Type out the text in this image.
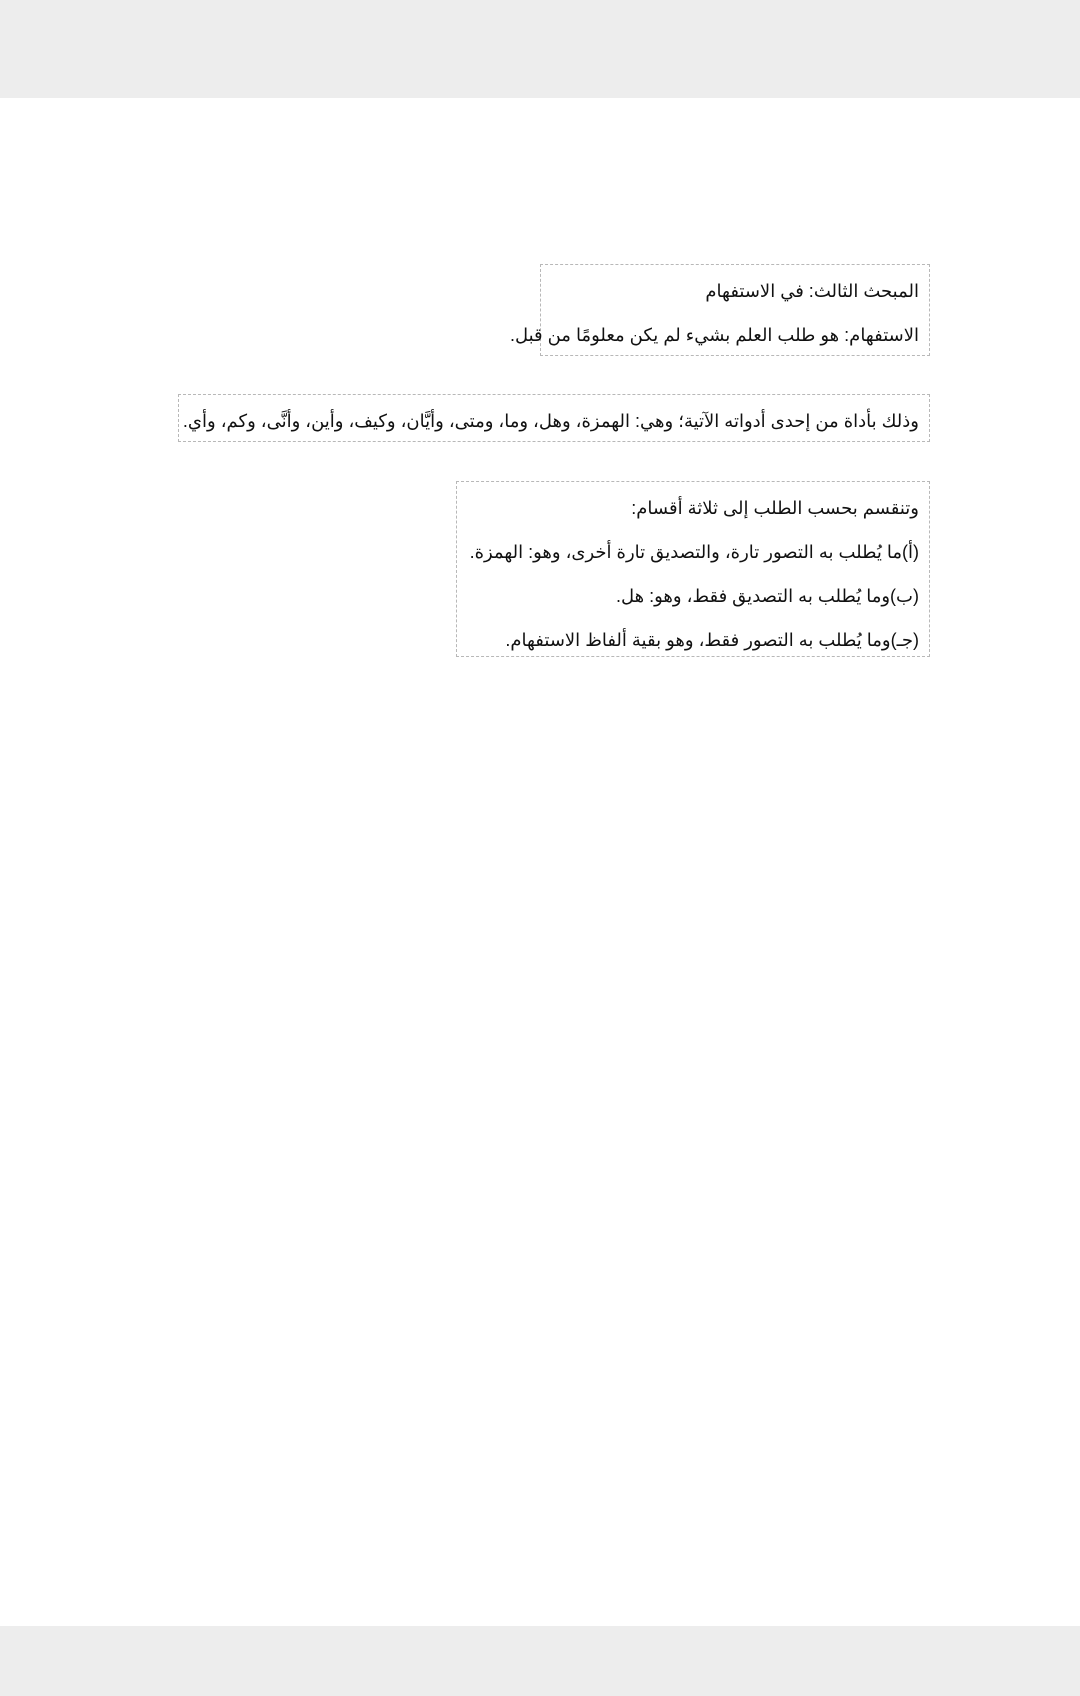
المبحث الثالث: في الاستفهام

الاستفهام: هو طلب العلم بشيء لم يكن معلومًا من قبل.

وذلك بأداة من إحدى أدواته الآتية؛ وهي: الهمزة، وهل، وما، ومتى، وأيَّان، وكيف، وأين، وأنَّى، وكم، وأي.

وتنقسم بحسب الطلب إلى ثلاثة أقسام:

(أ)ما يُطلب به التصور تارة، والتصديق تارة أخرى، وهو: الهمزة.

(ب)وما يُطلب به التصديق فقط، وهو: هل.

(جـ)وما يُطلب به التصور فقط، وهو بقية ألفاظ الاستفهام.
